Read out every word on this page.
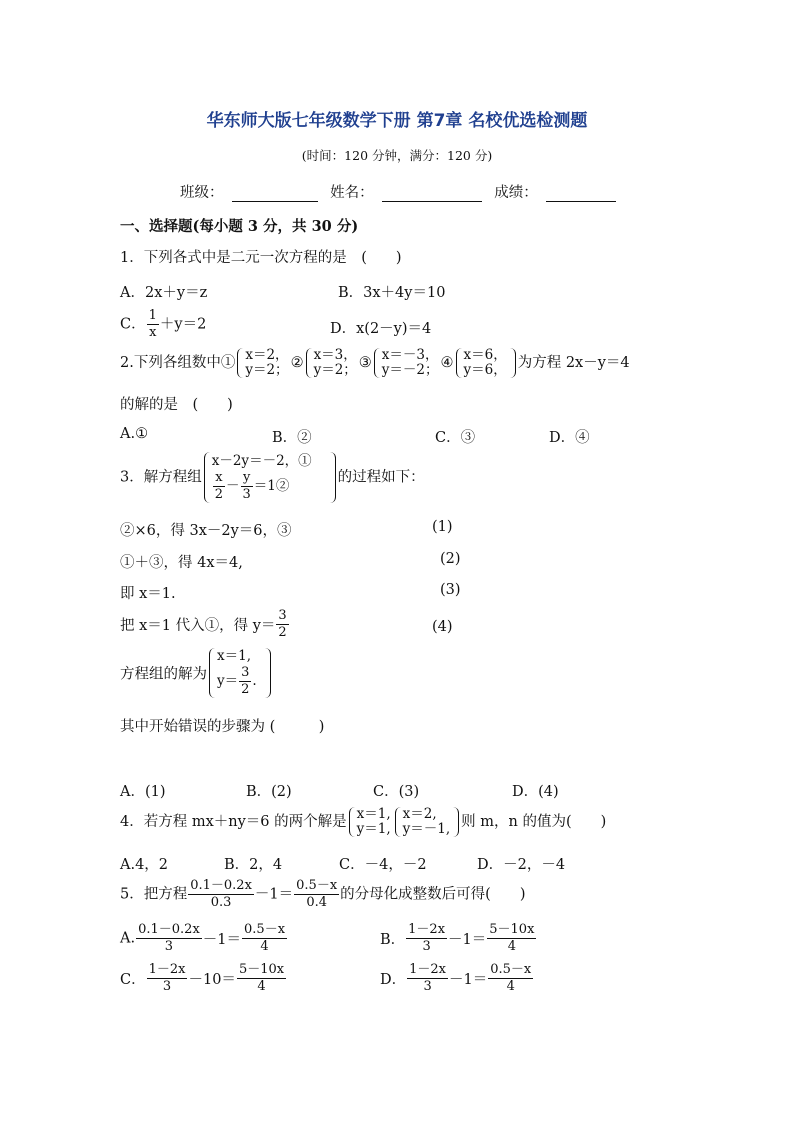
华东师大版七年级数学下册 第7章 名校优选检测题
(时间：120 分钟，满分：120 分)
班级：	姓名：	成绩：
一、选择题(每小题 3 分，共 30 分)
1．下列各式中是二元一次方程的是　(　　)
A．2x＋y＝z	B．3x＋4y＝10
C． $\frac{1}{x} +y=2$	D．x(2－y)＝4
2.下列各组数中① x＝2，
y＝2； ② x＝3，
y＝2； ③ x＝－3，
y＝－2； ④ x＝6，
y＝6， 为方程 2x－y＝4
的解的是　(　　)
A.①	B．②	C．③	D．④
3．解方程组
x－2y＝－2，①
$\frac{x}{2} - \frac{y}{3}$ ＝1②
的过程如下：
②×6，得 3x－2y＝6，③	(1)
①＋③，得 4x＝4,	(2)
即 x＝1.	(3)
把 x＝1 代入①，得 $y= \frac{3}{2}$	(4)
方程组的解为
x＝1,
$y= \frac{3}{2}$ .
其中开始错误的步骤为 (　　　)
A．(1)	B．(2)	C．(3)	D．(4)
4．若方程 mx＋ny＝6 的两个解是 x＝1,
y＝1,
x＝2,
y＝－1, 则 m，n 的值为(　　)
A.4，2	B．2，4	C．－4，－2	D．－2，－4
5．把方程 $\frac{0.1-0.2x}{0.3} -1= \frac{0.5-x}{0.4}$ 的分母化成整数后可得(　　)
A. $\frac{0.1-0.2x}{3} -1= \frac{0.5-x}{4}$	B． $\frac{1-2x}{3} -1= \frac{5-10x}{4}$
C． $\frac{1-2x}{3} -10= \frac{5-10x}{4}$	D． $\frac{1-2x}{3} -1= \frac{0.5-x}{4}$
